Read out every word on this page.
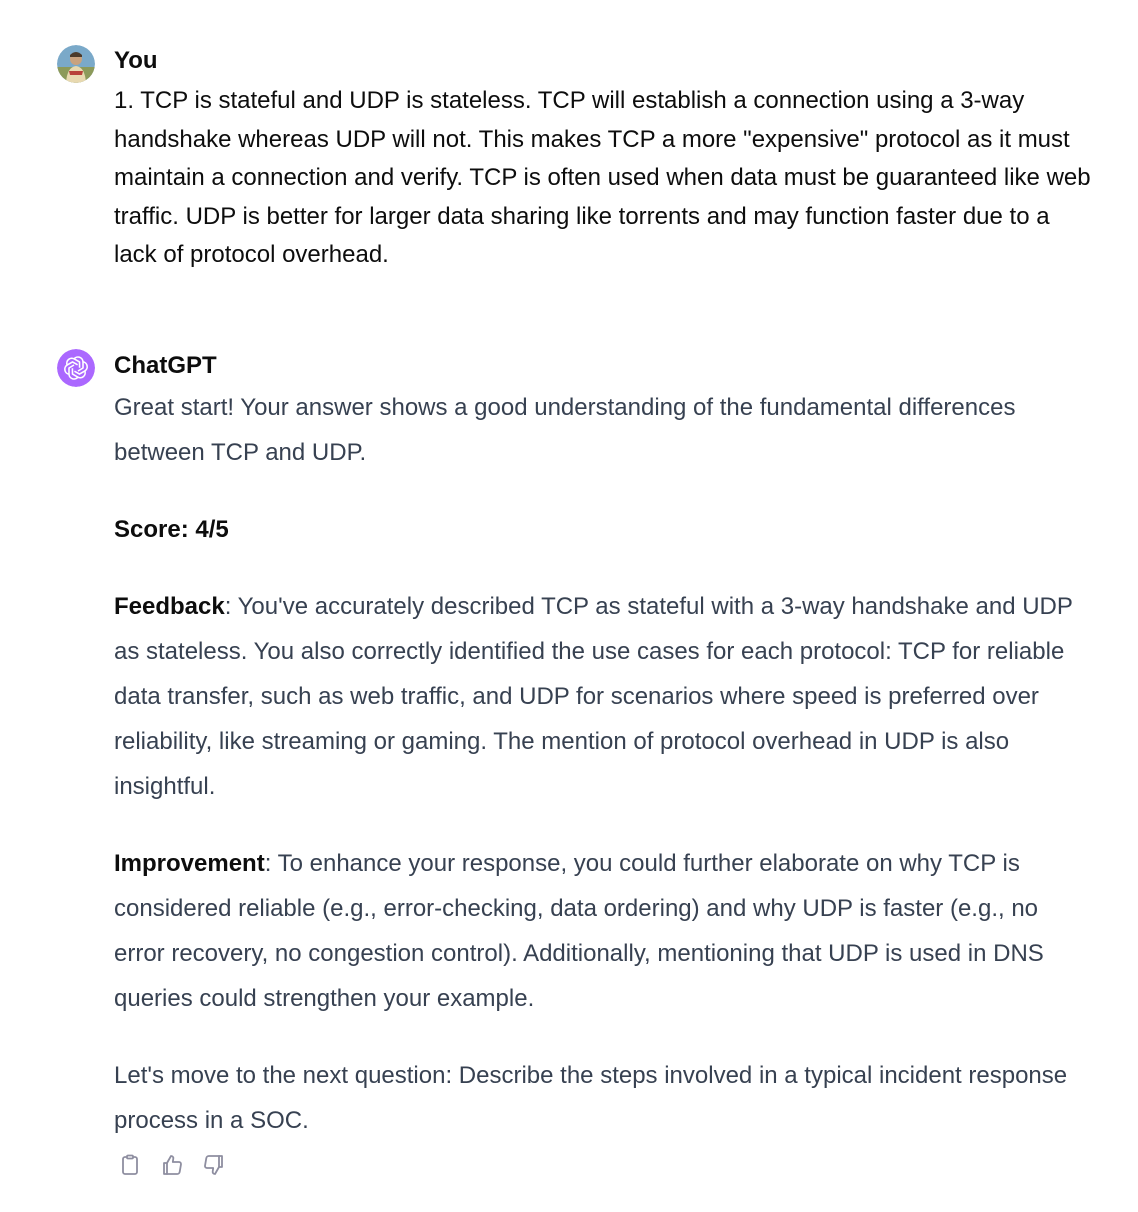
You
1. TCP is stateful and UDP is stateless. TCP will establish a connection using a 3-way handshake whereas UDP will not. This makes TCP a more "expensive" protocol as it must maintain a connection and verify. TCP is often used when data must be guaranteed like web traffic. UDP is better for larger data sharing like torrents and may function faster due to a lack of protocol overhead.
ChatGPT

Great start! Your answer shows a good understanding of the fundamental differences between TCP and UDP.

Score: 4/5

Feedback: You've accurately described TCP as stateful with a 3-way handshake and UDP as stateless. You also correctly identified the use cases for each protocol: TCP for reliable data transfer, such as web traffic, and UDP for scenarios where speed is preferred over reliability, like streaming or gaming. The mention of protocol overhead in UDP is also insightful.

Improvement: To enhance your response, you could further elaborate on why TCP is considered reliable (e.g., error-checking, data ordering) and why UDP is faster (e.g., no error recovery, no congestion control). Additionally, mentioning that UDP is used in DNS queries could strengthen your example.

Let's move to the next question: Describe the steps involved in a typical incident response process in a SOC.
